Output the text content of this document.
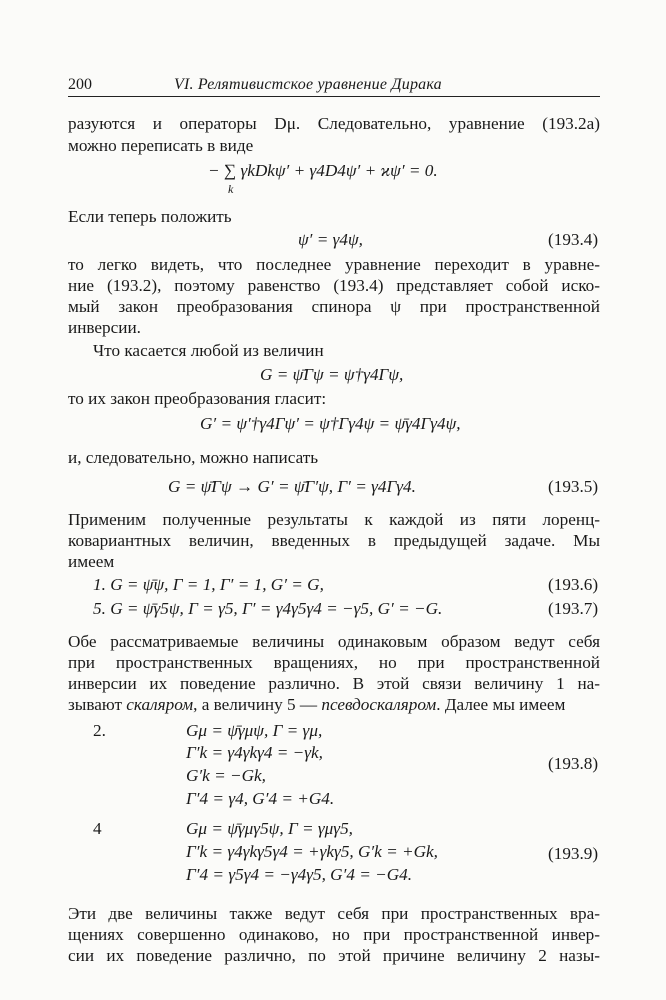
200	VI. Релятивистское уравнение Дирака
разуются и операторы Dμ. Следовательно, уравнение (193.2a)
можно переписать в виде
− ∑ γkDkψ′ + γ4D4ψ′ + ϰψ′ = 0.
k
Если теперь положить
ψ′ = γ4ψ,	(193.4)
то легко видеть, что последнее уравнение переходит в уравне-
ние (193.2), поэтому равенство (193.4) представляет собой иско-
мый закон преобразования спинора ψ при пространственной
инверсии.
Что касается любой из величин
G = ψ̄Γψ = ψ†γ4Γψ,
то их закон преобразования гласит:
G′ = ψ′†γ4Γψ′ = ψ†Γγ4ψ = ψ̄γ4Γγ4ψ,
и, следовательно, можно написать
G = ψ̄Γψ → G′ = ψ̄Γ′ψ, Γ′ = γ4Γγ4.	(193.5)
Применим полученные результаты к каждой из пяти лоренц-
ковариантных величин, введенных в предыдущей задаче. Мы
имеем
1. G = ψ̄ψ, Γ = 1, Γ′ = 1, G′ = G,	(193.6)
5. G = ψ̄γ5ψ, Γ = γ5, Γ′ = γ4γ5γ4 = −γ5, G′ = −G.	(193.7)
Обе рассматриваемые величины одинаковым образом ведут себя
при пространственных вращениях, но при пространственной
инверсии их поведение различно. В этой связи величину 1 на-
зывают скаляром, а величину 5 — псевдоскаляром. Далее мы имеем
2.	Gμ = ψ̄γμψ, Γ = γμ,
Γ′k = γ4γkγ4 = −γk,
G′k = −Gk,
Γ′4 = γ4, G′4 = +G4.
(193.8)
4	Gμ = ψ̄γμγ5ψ, Γ = γμγ5,
Γ′k = γ4γkγ5γ4 = +γkγ5, G′k = +Gk,
Γ′4 = γ5γ4 = −γ4γ5, G′4 = −G4.
(193.9)
Эти две величины также ведут себя при пространственных вра-
щениях совершенно одинаково, но при пространственной инвер-
сии их поведение различно, по этой причине величину 2 назы-
